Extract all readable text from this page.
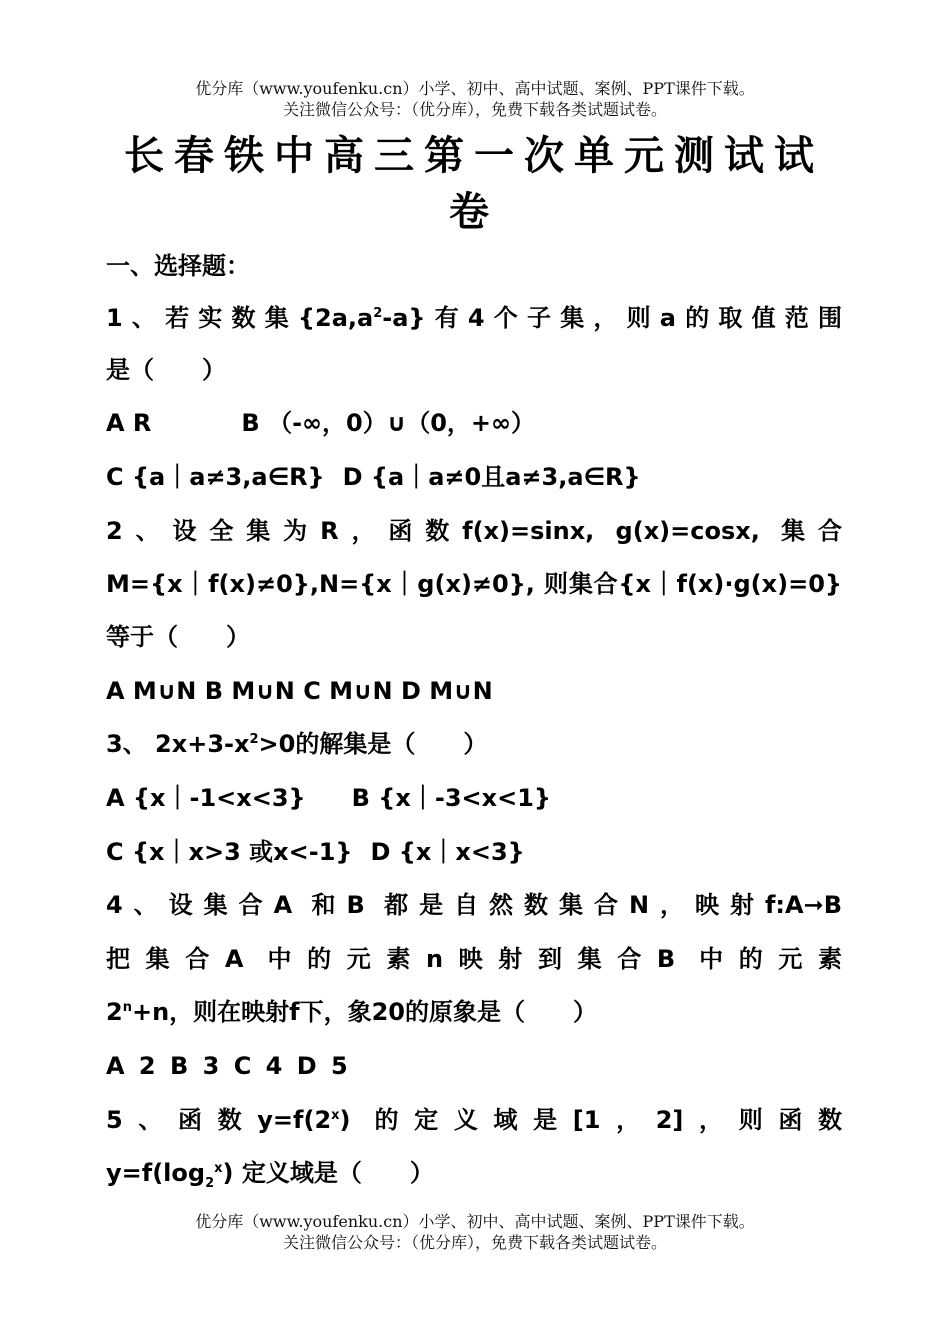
优分库（www.youfenku.cn）小学、初中、高中试题、案例、PPT课件下载。
关注微信公众号：（优分库），免费下载各类试题试卷。
长春铁中高三第一次单元测试试卷
一、选择题：
1、若实数集$\{2a,a^2-a\}$有4个子集，则a的取值范围
是（　　）
A R	B （-∞，0）∪（0，+∞）
C {a｜a≠3,a∈R} D {a｜a≠0且a≠3,a∈R}
2、设全集为R，函数f(x)=sinx, g(x)=cosx, 集合
M={x｜f(x)≠0},N={x｜g(x)≠0}, 则集合{x｜f(x)·g(x)=0}
等于（　　）
A M∪N B M∪N C M∪N D M∪N
3、 $2x+3-x^2>0$的解集是（　　）
A {x｜-1<x<3} B {x｜-3<x<1}
C {x｜x>3 或x<-1} D {x｜x<3}
4、设集合A 和B 都是自然数集合N，映射f:A➞B
把集合A 中的元素n映射到集合B 中的元素
$2^n+n$，则在映射f下，象20的原象是（　　）
A 2 B 3 C 4 D 5
5、函数$y=f(2^x)$ 的定义域是[1，2]，则函数
$y=f(\log_2^x)$ 定义域是（　　）
优分库（www.youfenku.cn）小学、初中、高中试题、案例、PPT课件下载。
关注微信公众号：（优分库），免费下载各类试题试卷。
